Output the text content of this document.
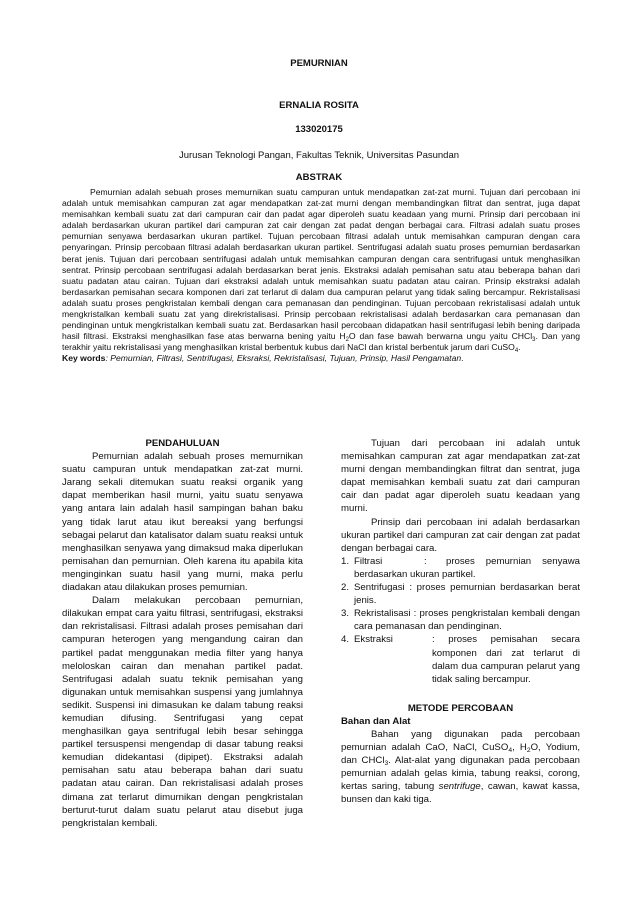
PEMURNIAN
ERNALIA ROSITA
133020175
Jurusan Teknologi Pangan, Fakultas Teknik, Universitas Pasundan
ABSTRAK

Pemurnian adalah sebuah proses memurnikan suatu campuran untuk mendapatkan zat-zat murni. Tujuan dari percobaan ini adalah untuk memisahkan campuran zat agar mendapatkan zat-zat murni dengan membandingkan filtrat dan sentrat, juga dapat memisahkan kembali suatu zat dari campuran cair dan padat agar diperoleh suatu keadaan yang murni. Prinsip dari percobaan ini adalah berdasarkan ukuran partikel dari campuran zat cair dengan zat padat dengan berbagai cara. Filtrasi adalah suatu proses pemurnian senyawa berdasarkan ukuran partikel. Tujuan percobaan filtrasi adalah untuk memisahkan campuran dengan cara penyaringan. Prinsip percobaan filtrasi adalah berdasarkan ukuran partikel. Sentrifugasi adalah suatu proses pemurnian berdasarkan berat jenis. Tujuan dari percobaan sentrifugasi adalah untuk memisahkan campuran dengan cara sentrifugasi untuk menghasilkan sentrat. Prinsip percobaan sentrifugasi adalah berdasarkan berat jenis. Ekstraksi adalah pemisahan satu atau beberapa bahan dari suatu padatan atau cairan. Tujuan dari ekstraksi adalah untuk memisahkan suatu padatan atau cairan. Prinsip ekstraksi adalah berdasarkan pemisahan secara komponen dari zat terlarut di dalam dua campuran pelarut yang tidak saling bercampur. Rekristalisasi adalah suatu proses pengkristalan kembali dengan cara pemanasan dan pendinginan. Tujuan percobaan rekristalisasi adalah untuk mengkristalkan kembali suatu zat yang direkristalisasi. Prinsip percobaan rekristalisasi adalah berdasarkan cara pemanasan dan pendinginan untuk mengkristalkan kembali suatu zat. Berdasarkan hasil percobaan didapatkan hasil sentrifugasi lebih bening daripada hasil filtrasi. Ekstraksi menghasilkan fase atas berwarna bening yaitu $H_2O$ dan fase bawah berwarna ungu yaitu CHCl$_3$. Dan yang terakhir yaitu rekristalisasi yang menghasilkan kristal berbentuk kubus dari NaCl dan kristal berbentuk jarum dari CuSO$_4$.

Key words: Pemurnian, Filtrasi, Sentrifugasi, Eksraksi, Rekristalisasi, Tujuan, Prinsip, Hasil Pengamatan.

PENDAHULUAN

Pemurnian adalah sebuah proses memurnikan suatu campuran untuk mendapatkan zat-zat murni. Jarang sekali ditemukan suatu reaksi organik yang dapat memberikan hasil murni, yaitu suatu senyawa yang antara lain adalah hasil sampingan bahan baku yang tidak larut atau ikut bereaksi yang berfungsi sebagai pelarut dan katalisator dalam suatu reaksi untuk menghasilkan senyawa yang dimaksud maka diperlukan pemisahan dan pemurnian. Oleh karena itu apabila kita menginginkan suatu hasil yang murni, maka perlu diadakan atau dilakukan proses pemurnian.

Dalam melakukan percobaan pemurnian, dilakukan empat cara yaitu filtrasi, sentrifugasi, ekstraksi dan rekristalisasi. Filtrasi adalah proses pemisahan dari campuran heterogen yang mengandung cairan dan partikel padat menggunakan media filter yang hanya meloloskan cairan dan menahan partikel padat. Sentrifugasi adalah suatu teknik pemisahan yang digunakan untuk memisahkan suspensi yang jumlahnya sedikit. Suspensi ini dimasukan ke dalam tabung reaksi kemudian difusing. Sentrifugasi yang cepat menghasilkan gaya sentrifugal lebih besar sehingga partikel tersuspensi mengendap di dasar tabung reaksi kemudian didekantasi (dipipet). Ekstraksi adalah pemisahan satu atau beberapa bahan dari suatu padatan atau cairan. Dan rekristalisasi adalah proses dimana zat terlarut dimurnikan dengan pengkristalan berturut-turut dalam suatu pelarut atau disebut juga pengkristalan kembali.

Tujuan dari percobaan ini adalah untuk memisahkan campuran zat agar mendapatkan zat-zat murni dengan membandingkan filtrat dan sentrat, juga dapat memisahkan kembali suatu zat dari campuran cair dan padat agar diperoleh suatu keadaan yang murni.

Prinsip dari percobaan ini adalah berdasarkan ukuran partikel dari campuran zat cair dengan zat padat dengan berbagai cara.

1. Filtrasi	: proses pemurnian senyawa berdasarkan ukuran partikel.
2. Sentrifugasi : proses pemurnian berdasarkan berat jenis.
3. Rekristalisasi : proses pengkristalan kembali dengan cara pemanasan dan pendinginan.
4. Ekstraksi	: proses pemisahan secara komponen dari zat terlarut di dalam dua campuran pelarut yang tidak saling bercampur.

METODE PERCOBAAN

Bahan dan Alat

Bahan yang digunakan pada percobaan pemurnian adalah CaO, NaCl, CuSO$_4$, $H_2O$, Yodium, dan CHCl$_3$. Alat-alat yang digunakan pada percobaan pemurnian adalah gelas kimia, tabung reaksi, corong, kertas saring, tabung sentrifuge, cawan, kawat kassa, bunsen dan kaki tiga.
